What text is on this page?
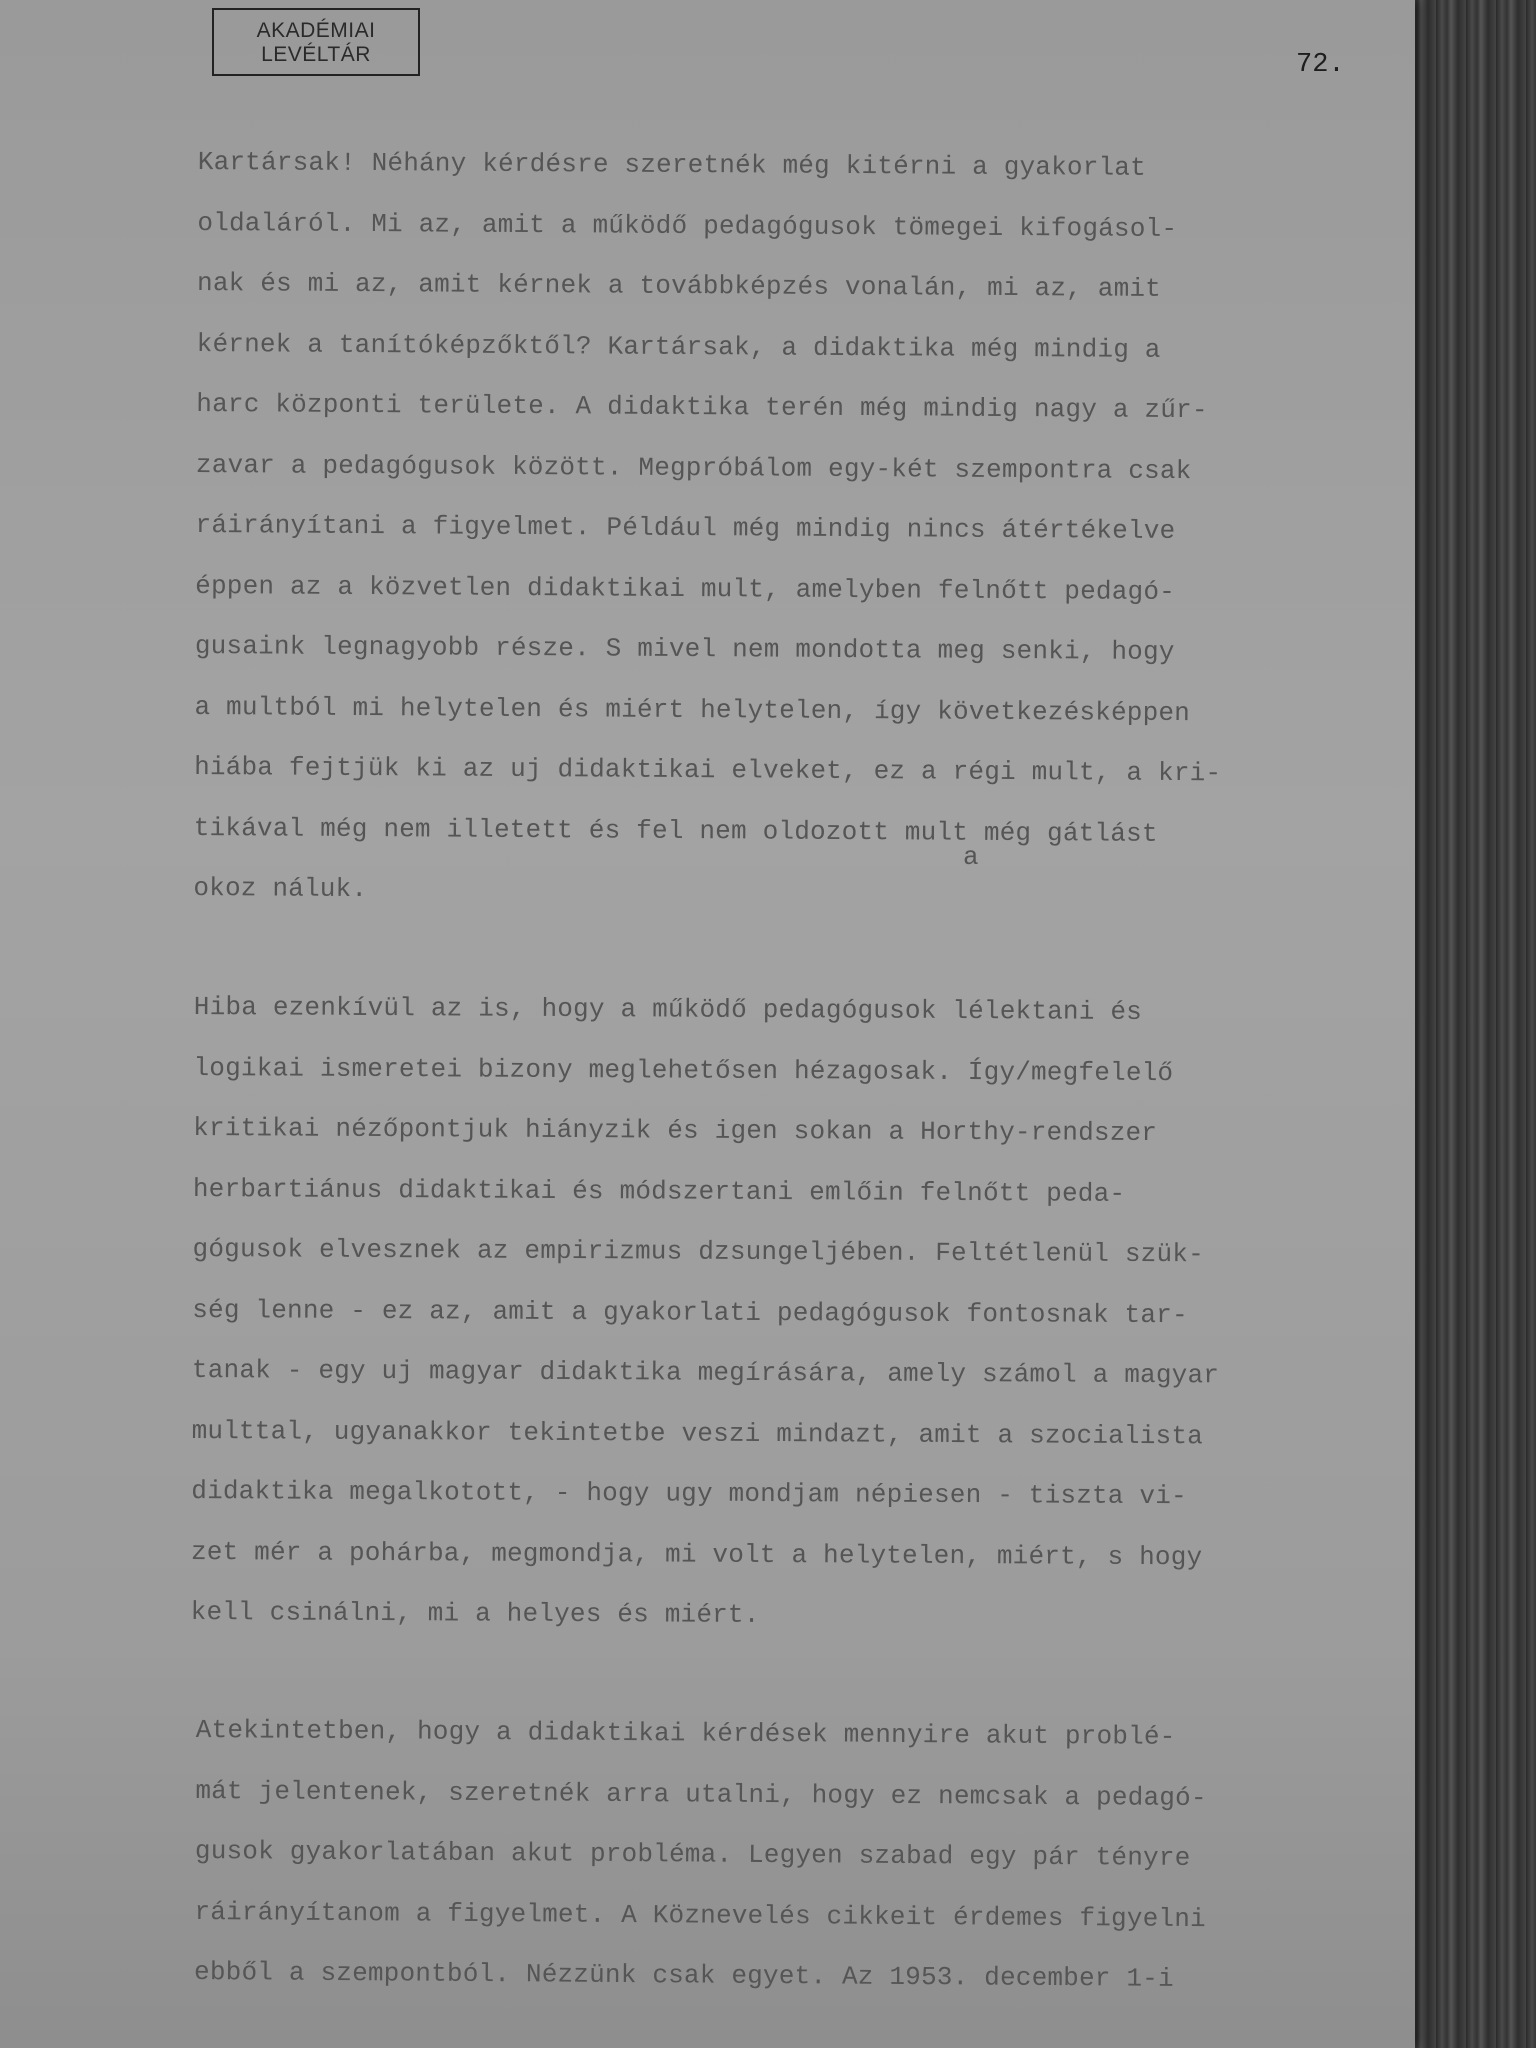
AKADÉMIAI
LEVÉLTÁR	72.
a
Kartársak! Néhány kérdésre szeretnék még kitérni a gyakorlat
oldaláról. Mi az, amit a működő pedagógusok tömegei kifogásol-
nak és mi az, amit kérnek a továbbképzés vonalán, mi az, amit
kérnek a tanítóképzőktől? Kartársak, a didaktika még mindig a
harc központi területe. A didaktika terén még mindig nagy a zűr-
zavar a pedagógusok között. Megpróbálom egy-két szempontra csak
ráirányítani a figyelmet. Például még mindig nincs átértékelve
éppen az a közvetlen didaktikai mult, amelyben felnőtt pedagó-
gusaink legnagyobb része. S mivel nem mondotta meg senki, hogy
a multból mi helytelen és miért helytelen, így következésképpen
hiába fejtjük ki az uj didaktikai elveket, ez a régi mult, a kri-
tikával még nem illetett és fel nem oldozott mult még gátlást
okoz náluk.
Hiba ezenkívül az is, hogy a működő pedagógusok lélektani és
logikai ismeretei bizony meglehetősen hézagosak. Így/megfelelő
kritikai nézőpontjuk hiányzik és igen sokan a Horthy-rendszer
herbartiánus didaktikai és módszertani emlőin felnőtt peda-
gógusok elvesznek az empirizmus dzsungeljében. Feltétlenül szük-
ség lenne - ez az, amit a gyakorlati pedagógusok fontosnak tar-
tanak - egy uj magyar didaktika megírására, amely számol a magyar
multtal, ugyanakkor tekintetbe veszi mindazt, amit a szocialista
didaktika megalkotott, - hogy ugy mondjam népiesen - tiszta vi-
zet mér a pohárba, megmondja, mi volt a helytelen, miért, s hogy
kell csinálni, mi a helyes és miért.
Atekintetben, hogy a didaktikai kérdések mennyire akut problé-
mát jelentenek, szeretnék arra utalni, hogy ez nemcsak a pedagó-
gusok gyakorlatában akut probléma. Legyen szabad egy pár tényre
ráirányítanom a figyelmet. A Köznevelés cikkeit érdemes figyelni
ebből a szempontból. Nézzünk csak egyet. Az 1953. december 1-i
